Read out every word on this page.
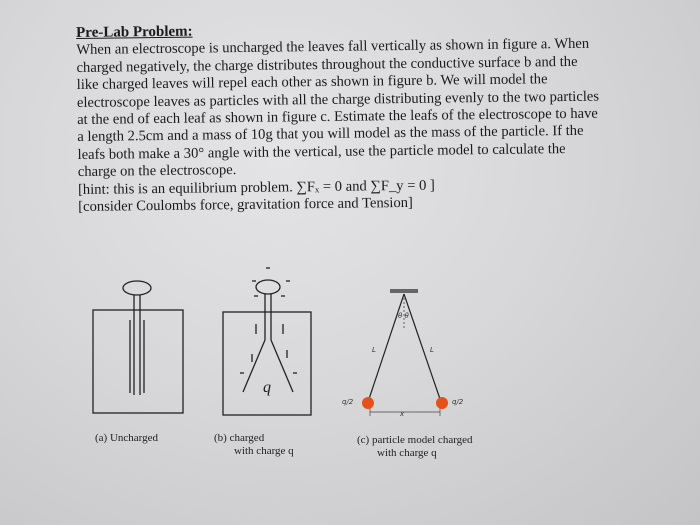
Pre-Lab Problem:

When an electroscope is uncharged the leaves fall vertically as shown in figure a. When

charged negatively, the charge distributes throughout the conductive surface b and the

like charged leaves will repel each other as shown in figure b. We will model the

electroscope leaves as particles with all the charge distributing evenly to the two particles

at the end of each leaf as shown in figure c. Estimate the leafs of the electroscope to have

a length 2.5cm and a mass of 10g that you will model as the mass of the particle. If the

leafs both make a 30° angle with the vertical, use the particle model to calculate the

charge on the electroscope.

[hint: this is an equilibrium problem. ∑Fₓ = 0 and ∑F_y = 0 ]

[consider Coulombs force, gravitation force and Tension]

θ θ
L	L
x
q/2	q/2
q
(a) Uncharged	(b) charged
with charge q
(c) particle model charged
with charge q
